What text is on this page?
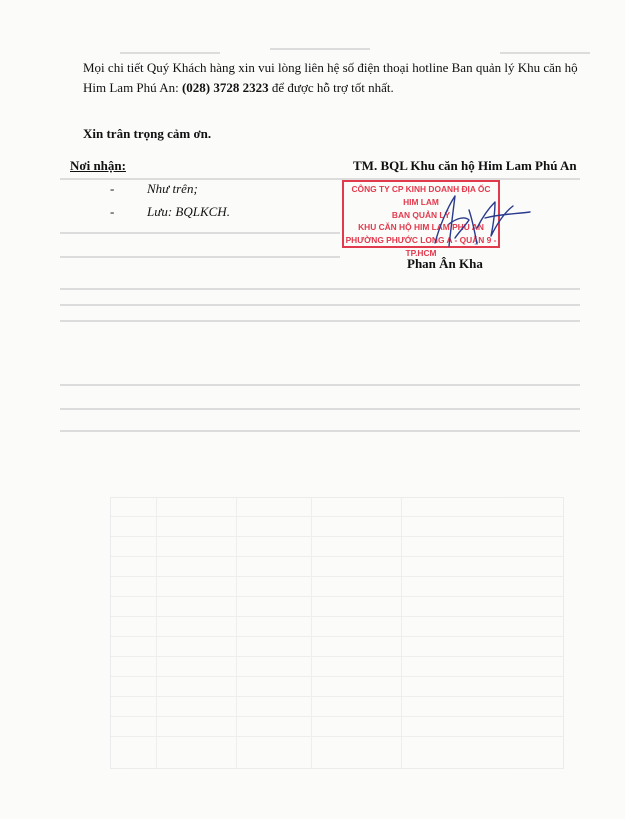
Mọi chi tiết Quý Khách hàng xin vui lòng liên hệ số điện thoại hotline Ban quản lý Khu căn hộ Him Lam Phú An: (028) 3728 2323 để được hỗ trợ tốt nhất.
Xin trân trọng cảm ơn.
Nơi nhận:	TM. BQL Khu căn hộ Him Lam Phú An
-	Như trên;
-	Lưu: BQLKCH.
CÔNG TY CP KINH DOANH ĐỊA ỐC HIM LAM
BAN QUẢN LÝ
KHU CĂN HỘ HIM LAM PHÚ AN
PHƯỜNG PHƯỚC LONG A - QUẬN 9 - TP.HCM
Phan Ân Kha
